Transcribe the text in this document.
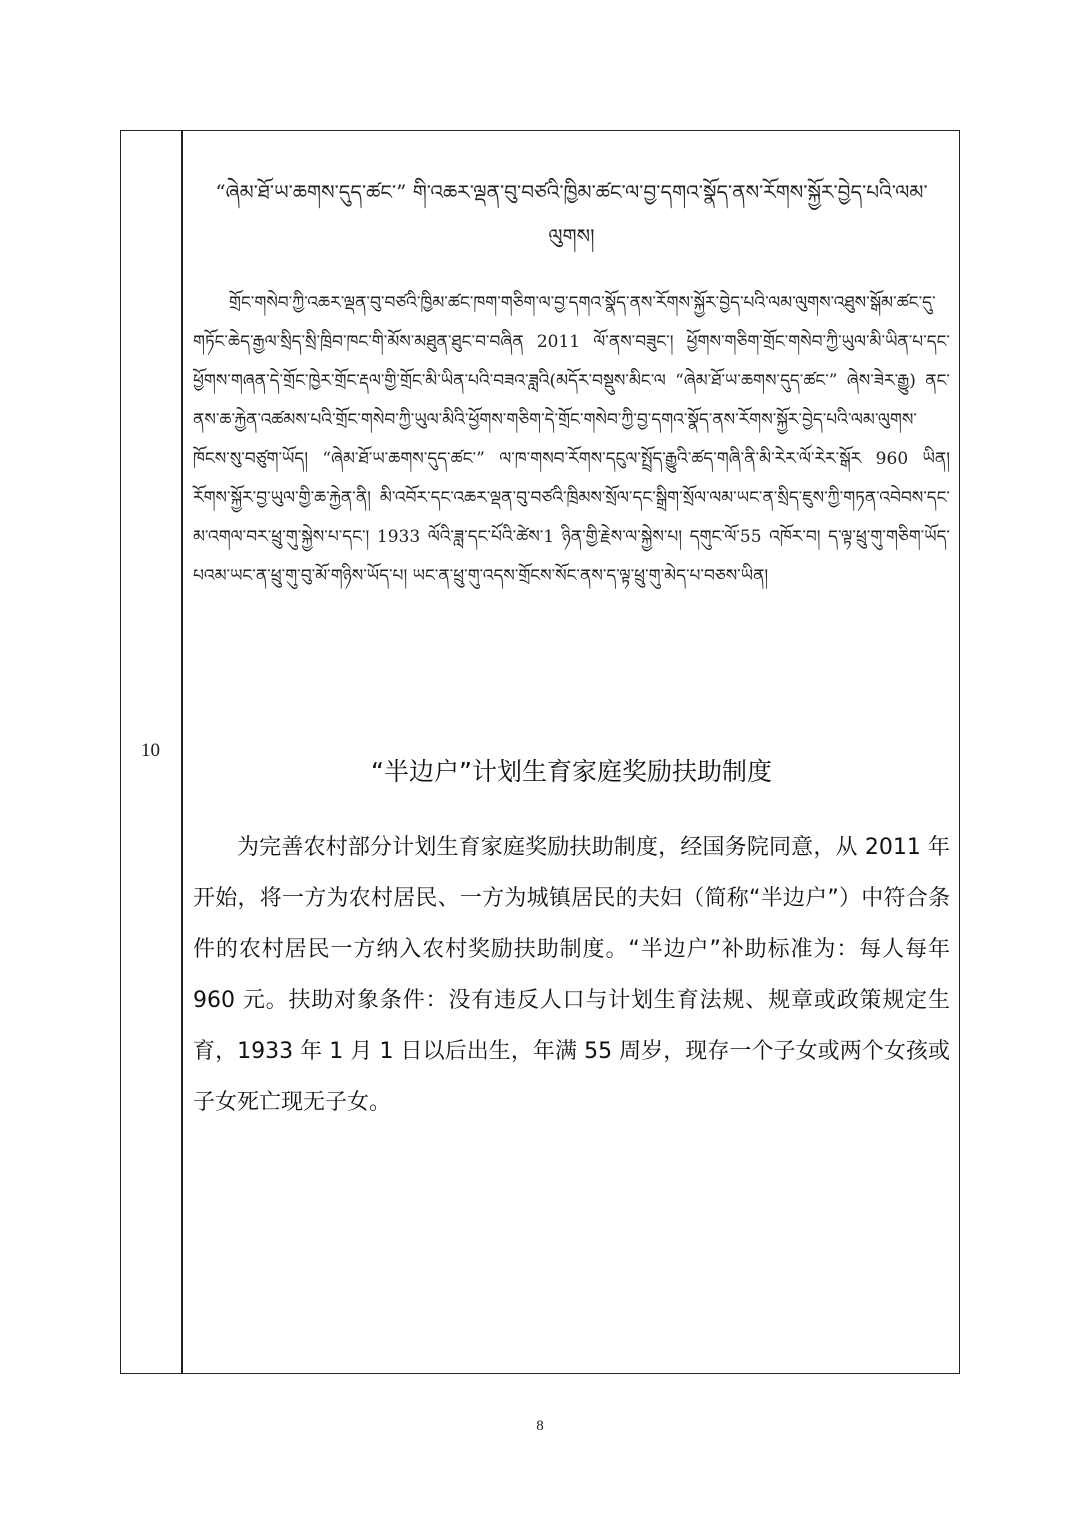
10
“ཞེམ་ཐོ་ཡ་ཆགས་དུད་ཚང་” གི་འཆར་ལྡན་བུ་བཙའི་ཁྱིམ་ཚང་ལ་བྱ་དགའ་སྣོད་ནས་རོགས་སྐྱོར་བྱེད་པའི་ལམ་ལུགས།
གྲོང་གསེབ་ཀྱི་འཆར་ལྡན་བུ་བཙའི་ཁྱིམ་ཚང་ཁག་གཅིག་ལ་བྱ་དགའ་སྣོད་ནས་རོགས་སྐྱོར་བྱེད་པའི་ལམ་ལུགས་འཐུས་སྒོམ་ཚང་དུ་གཏོང་ཆེད་རྒྱལ་སྲིད་སྲི་ཁྲིབ་ཁང་གི་མོས་མཐུན་ཐུང་བ་བཞིན 2011 ལོ་ནས་བཟུང་། ཕྱོགས་གཅིག་གྲོང་གསེབ་ཀྱི་ཡུལ་མི་ཡིན་པ་དང་ཕྱོགས་གཞན་དེ་གྲོང་ཁྱེར་གྲོང་རྡལ་གྱི་གྲོང་མི་ཡིན་པའི་བཟའ་ཟླའི(མདོར་བསྡུས་མིང་ལ “ཞེམ་ཐོ་ཡ་ཆགས་དུད་ཚང་” ཞེས་ཟེར་རྒྱུ) ནང་ནས་ཆ་རྐྱེན་འཚམས་པའི་གྲོང་གསེབ་ཀྱི་ཡུལ་མིའི་ཕྱོགས་གཅིག་དེ་གྲོང་གསེབ་ཀྱི་བྱ་དགའ་སྣོད་ནས་རོགས་སྐྱོར་བྱེད་པའི་ལམ་ལུགས་ཁོངས་སུ་བཙུག་ཡོད། “ཞེམ་ཐོ་ཡ་ཆགས་དུད་ཚང་” ལ་ཁ་གསབ་རོགས་དངུལ་སྤྲོད་རྒྱུའི་ཚད་གཞི་ནི་མི་རེར་ལོ་རེར་སྒོར 960 ཡིན། རོགས་སྐྱོར་བྱ་ཡུལ་གྱི་ཆ་རྐྱེན་ནི། མི་འབོར་དང་འཆར་ལྡན་བུ་བཙའི་ཁྲིམས་སྲོལ་དང་སྒྲིག་སྲོལ་ལམ་ཡང་ན་སྲིད་ཇུས་ཀྱི་གཏན་འབེབས་དང་མ་འགལ་བར་ཕྲུ་གུ་སྐྱེས་པ་དང་། 1933 ལོའི་ཟླ་དང་པོའི་ཚེས་1 ཉིན་གྱི་རྗེས་ལ་སྐྱེས་པ། དགུང་ལོ་55 འཁོར་བ། ད་ལྟ་ཕྲུ་གུ་གཅིག་ཡོད་པའམ་ཡང་ན་ཕྲུ་གུ་བུ་མོ་གཉིས་ཡོད་པ། ཡང་ན་ཕྲུ་གུ་འདས་གྲོངས་སོང་ནས་ད་ལྟ་ཕྲུ་གུ་མེད་པ་བཅས་ཡིན།
“半边户”计划生育家庭奖励扶助制度
为完善农村部分计划生育家庭奖励扶助制度，经国务院同意，从 2011 年开始，将一方为农村居民、一方为城镇居民的夫妇（简称“半边户”）中符合条件的农村居民一方纳入农村奖励扶助制度。“半边户”补助标准为：每人每年 960 元。扶助对象条件：没有违反人口与计划生育法规、规章或政策规定生育，1933 年 1 月 1 日以后出生，年满 55 周岁，现存一个子女或两个女孩或子女死亡现无子女。
8
